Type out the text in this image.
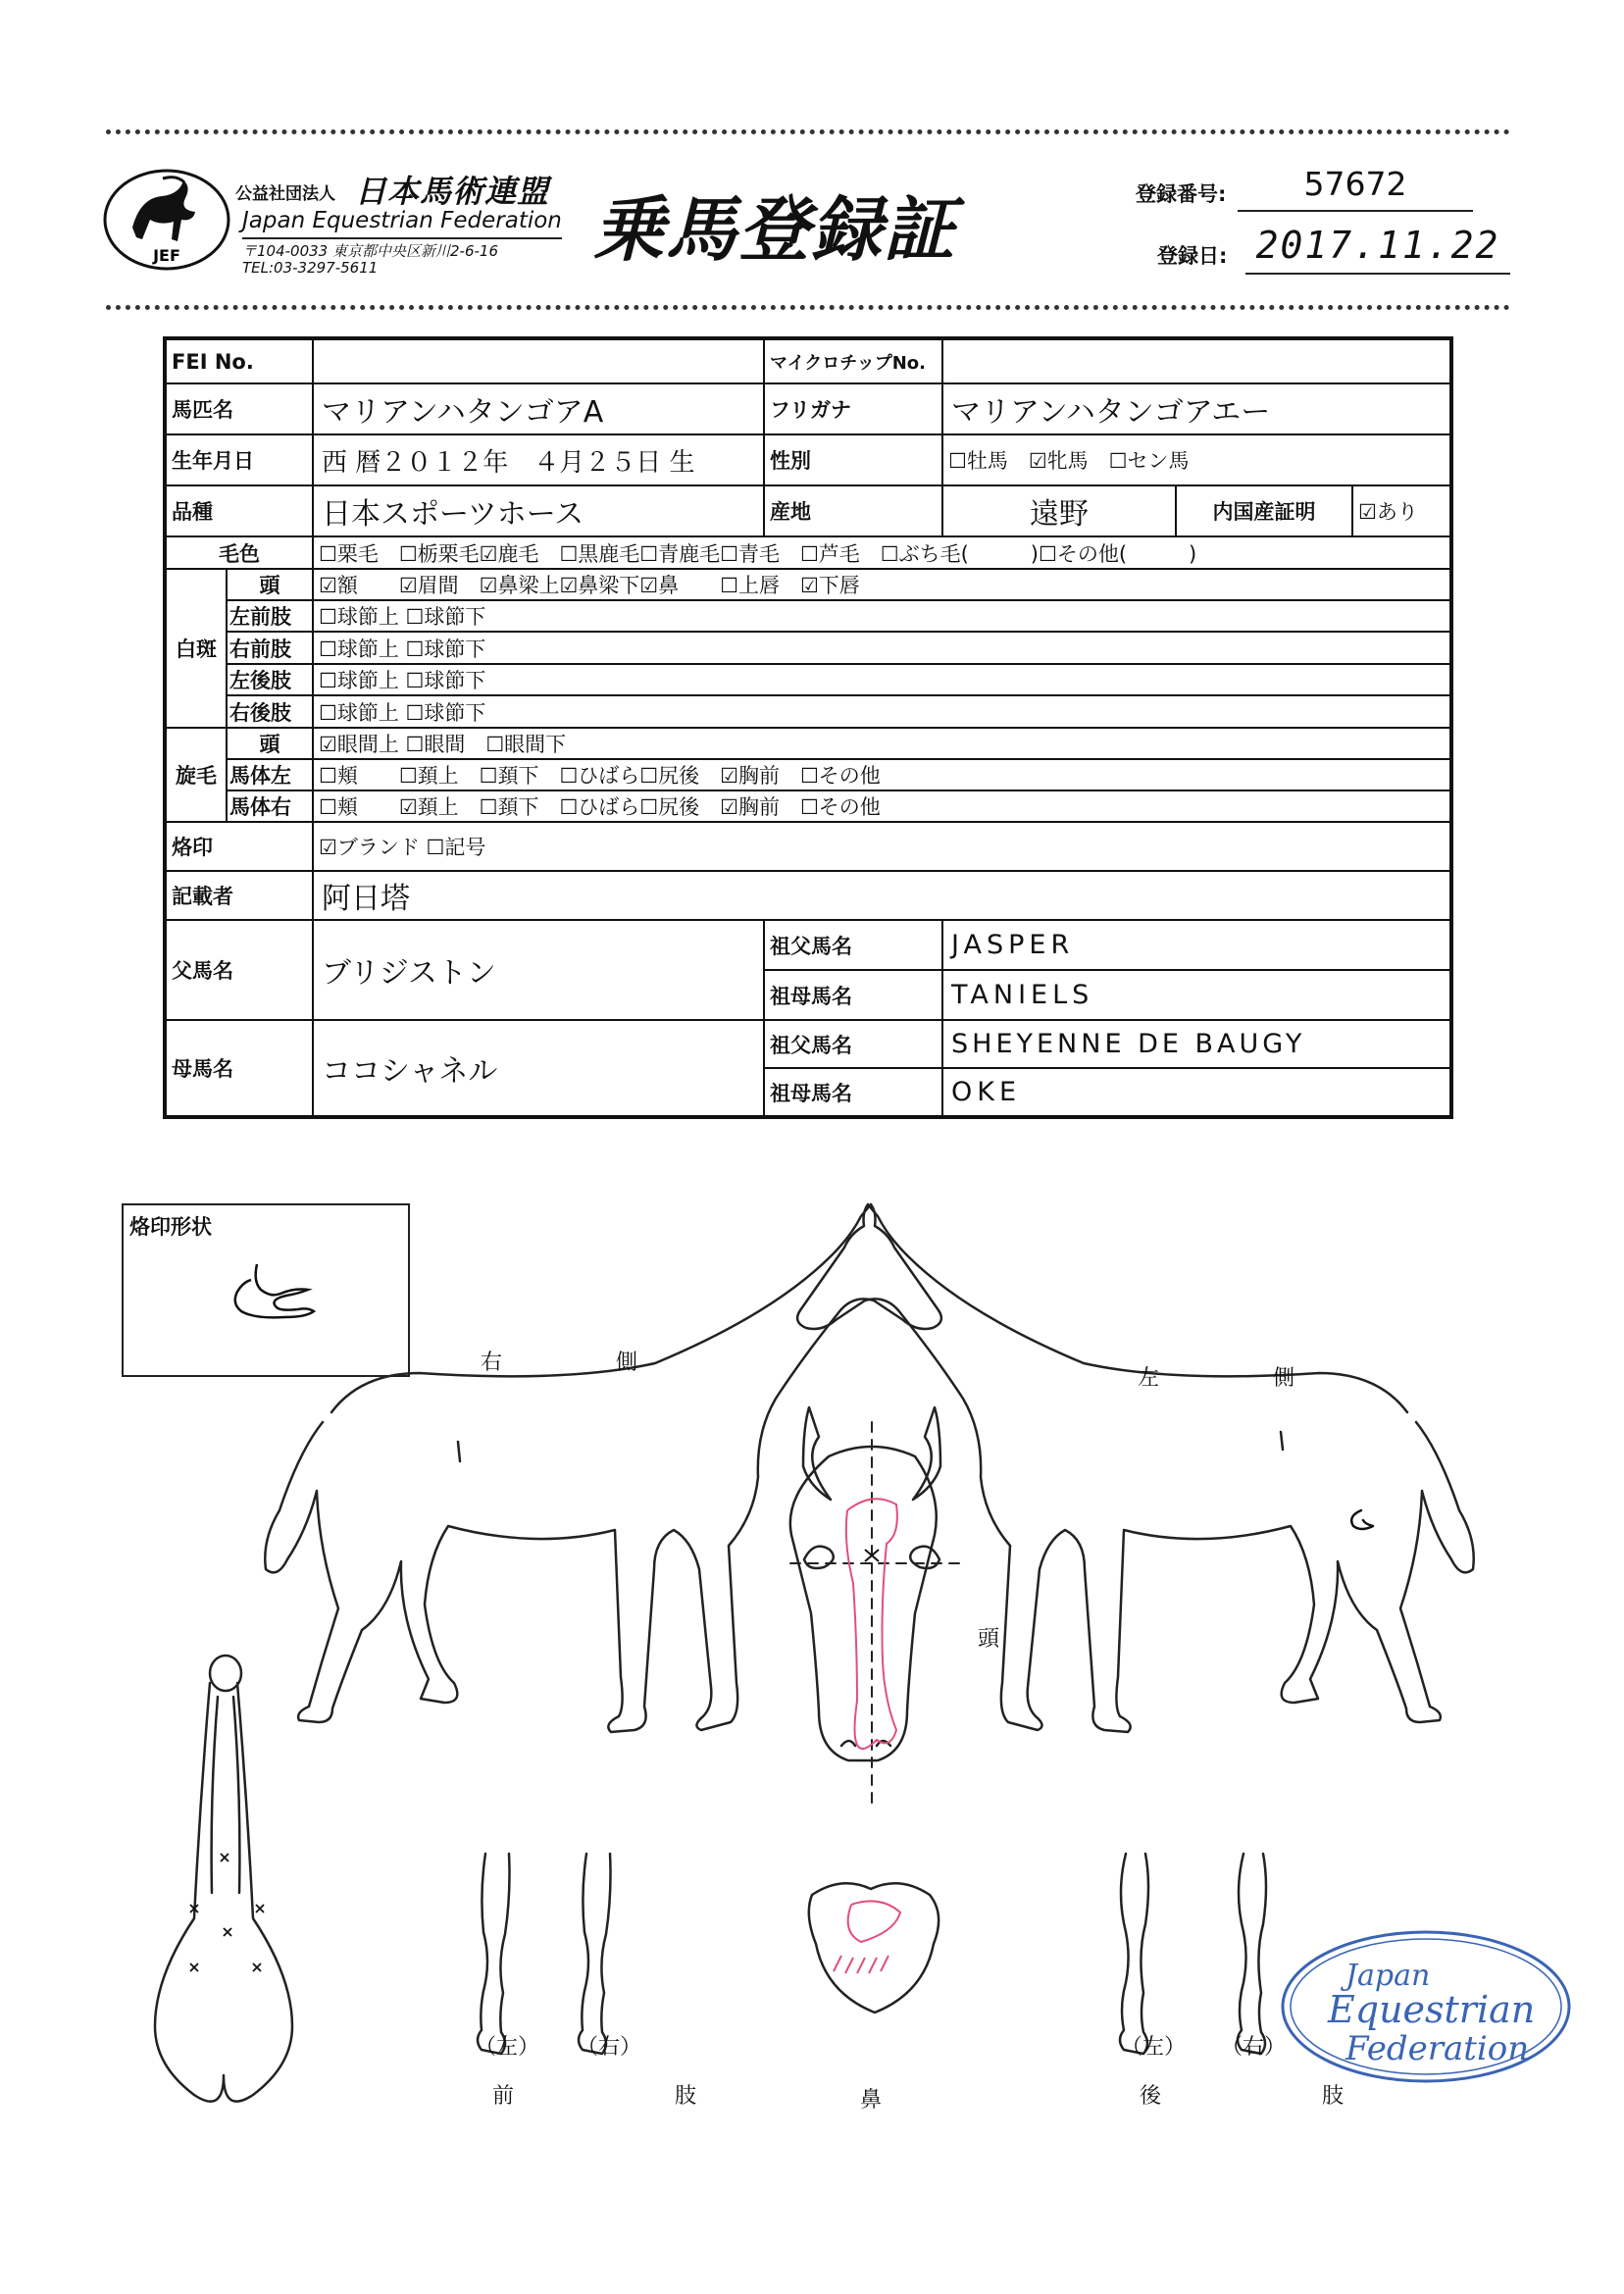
JEF
公益社団法人 日本馬術連盟
Japan Equestrian Federation
〒104-0033 東京都中央区新川2-6-16
TEL:03-3297-5611	乗馬登録証	登録番号:	57672
登録日: 2017.11.22
FEI No.	マイクロチップNo.
馬匹名	マリアンハタンゴアA	フリガナ	マリアンハタンゴアエー
生年月日	西 暦２０１２年　４月２５日 生	性別	☐牡馬　☑牝馬　☐セン馬
品種	日本スポーツホース	産地	遠野	内国産証明	☑あり
毛色	☐栗毛　☐栃栗毛☑鹿毛　☐黒鹿毛☐青鹿毛☐青毛　☐芦毛　☐ぶち毛(　　　)☐その他(　　　)
白斑
頭	☑額　　☑眉間　☑鼻梁上☑鼻梁下☑鼻　　☐上唇　☑下唇
左前肢	☐球節上 ☐球節下
右前肢	☐球節上 ☐球節下
左後肢	☐球節上 ☐球節下
右後肢	☐球節上 ☐球節下
旋毛
頭	☑眼間上 ☐眼間　☐眼間下
馬体左	☐頬　　☐頚上　☐頚下　☐ひばら☐尻後　☑胸前　☐その他
馬体右	☐頬　　☑頚上　☐頚下　☐ひばら☐尻後　☑胸前　☐その他
烙印	☑ブランド ☐記号
記載者	阿日塔
父馬名	ブリジストン
祖父馬名	JASPER
祖母馬名	TANIELS
母馬名	ココシャネル
祖父馬名	SHEYENNE DE BAUGY
祖母馬名	OKE
烙印形状
右　　側
左　　側
頭
鼻
（左） （右）
前　　肢
（左） （右）
後　　肢
Japan
Equestrian
Federation
